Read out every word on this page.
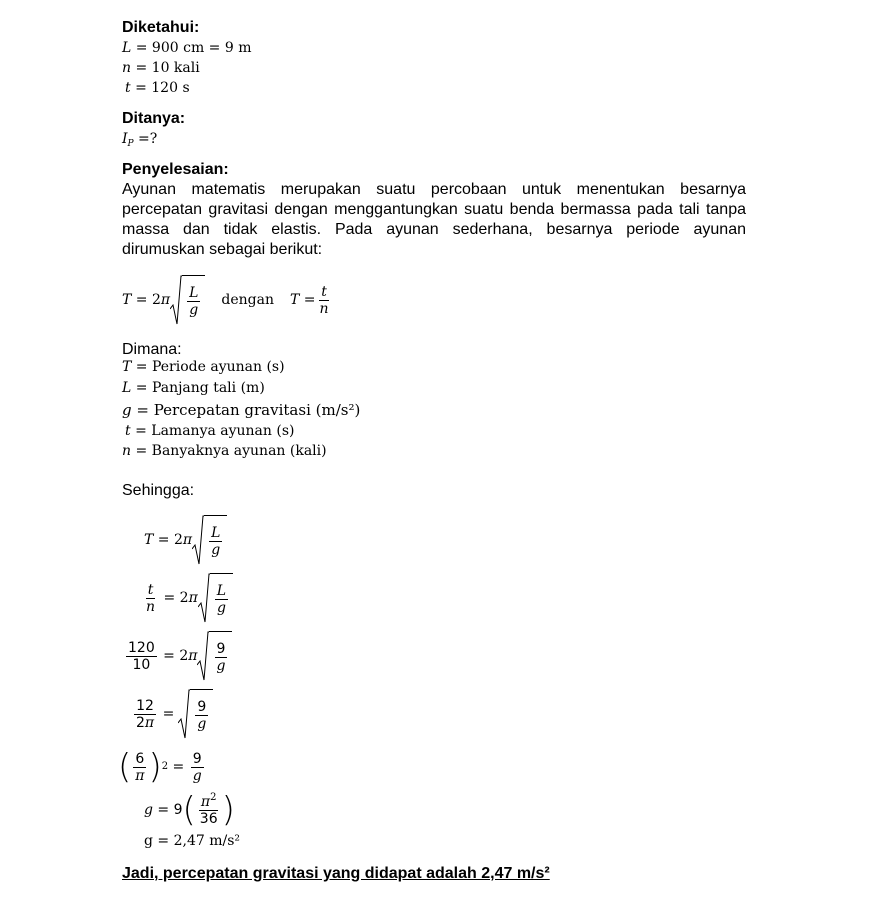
Diketahui:
L = 900 cm = 9 m
n = 10 kali
t = 120 s
Ditanya:
$I_P$ =?
Penyelesaian:
Ayunan matematis merupakan suatu percobaan untuk menentukan besarnya percepatan gravitasi dengan menggantungkan suatu benda bermassa pada tali tanpa massa dan tidak elastis. Pada ayunan sederhana, besarnya periode ayunan dirumuskan sebagai berikut:
T = 2 π $\frac{L}{g}$ dengan $T = \frac{t}{n}$
Dimana:
T = Periode ayunan (s)
L = Panjang tali (m)
g = Percepatan gravitasi (m/s²)
t = Lamanya ayunan (s)
n = Banyaknya ayunan (kali)
Sehingga:
T = 2 π $\frac{L}{g}$
$\frac{t}{n} = 2$ π $\frac{L}{g}$
$\frac{120}{10} = 2$ π $\frac{9}{g}$
$\frac{12}{2\pi} = \frac{9}{g}$
( $\frac{6}{\pi}$ ) $2 = \frac{9}{g}$
g = 9 ( $\frac{\pi^2}{36}$ )
g = 2,47 m/s²
Jadi, percepatan gravitasi yang didapat adalah 2,47 m/s²
